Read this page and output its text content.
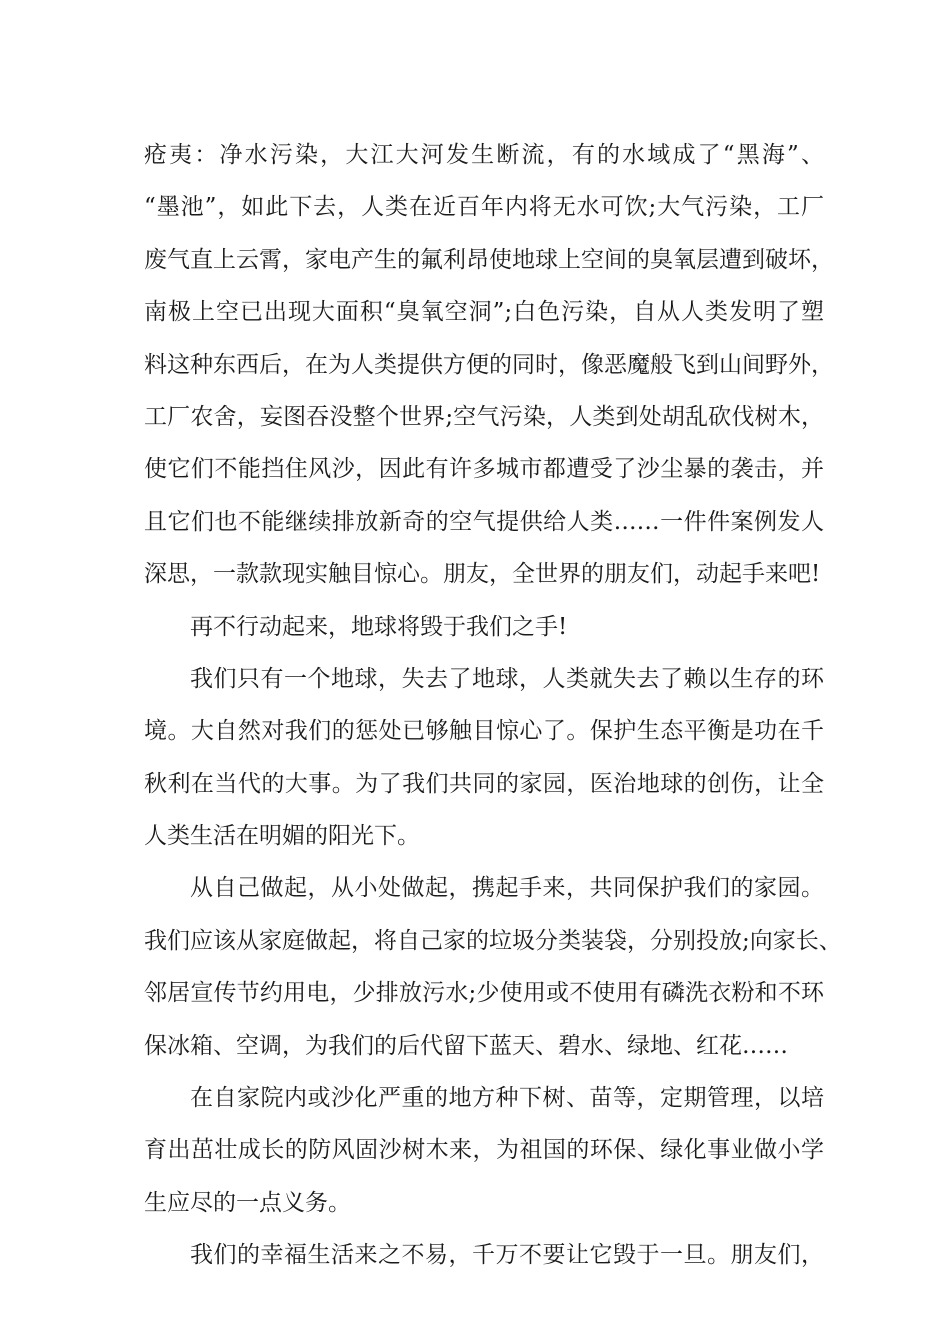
疮夷：净水污染，大江大河发生断流，有的水域成了“黑海”、
“墨池”，如此下去，人类在近百年内将无水可饮;大气污染，工厂
废气直上云霄，家电产生的氟利昂使地球上空间的臭氧层遭到破坏，
南极上空已出现大面积“臭氧空洞”;白色污染，自从人类发明了塑
料这种东西后，在为人类提供方便的同时，像恶魔般飞到山间野外，
工厂农舍，妄图吞没整个世界;空气污染，人类到处胡乱砍伐树木，
使它们不能挡住风沙，因此有许多城市都遭受了沙尘暴的袭击，并
且它们也不能继续排放新奇的空气提供给人类……一件件案例发人
深思，一款款现实触目惊心。朋友，全世界的朋友们，动起手来吧!
再不行动起来，地球将毁于我们之手!
我们只有一个地球，失去了地球，人类就失去了赖以生存的环
境。大自然对我们的惩处已够触目惊心了。保护生态平衡是功在千
秋利在当代的大事。为了我们共同的家园，医治地球的创伤，让全
人类生活在明媚的阳光下。
从自己做起，从小处做起，携起手来，共同保护我们的家园。
我们应该从家庭做起，将自己家的垃圾分类装袋，分别投放;向家长、
邻居宣传节约用电，少排放污水;少使用或不使用有磷洗衣粉和不环
保冰箱、空调，为我们的后代留下蓝天、碧水、绿地、红花……
在自家院内或沙化严重的地方种下树、苗等，定期管理，以培
育出茁壮成长的防风固沙树木来，为祖国的环保、绿化事业做小学
生应尽的一点义务。
我们的幸福生活来之不易，千万不要让它毁于一旦。朋友们，
